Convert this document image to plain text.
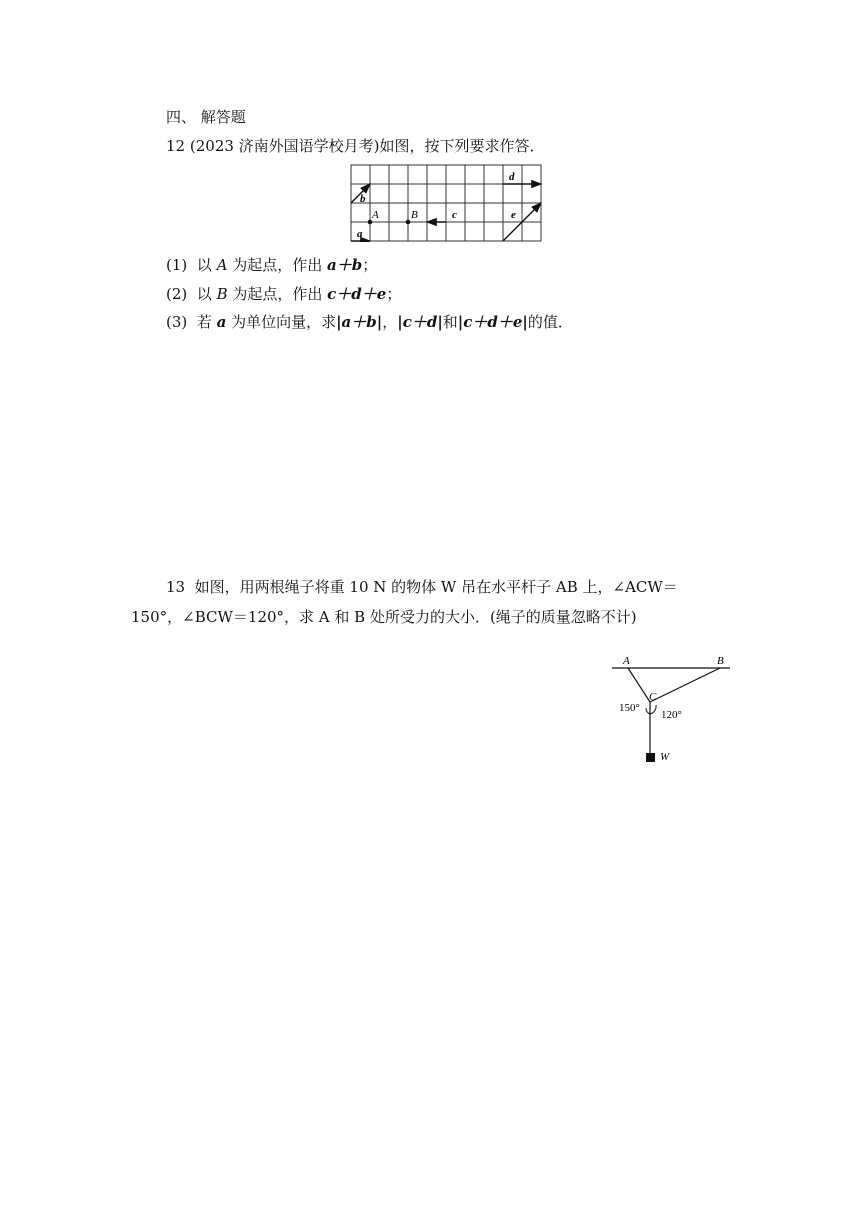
四、 解答题
12 (2023 济南外国语学校月考)如图，按下列要求作答．
b
a
A	B	c
d
e
(1) 以 A 为起点，作出 a＋b；
(2) 以 B 为起点，作出 c＋d＋e；
(3) 若 a 为单位向量，求|a＋b|，|c＋d|和|c＋d＋e|的值．
13 如图，用两根绳子将重 10 N 的物体 W 吊在水平杆子 AB 上，∠ACW＝
150°，∠BCW＝120°，求 A 和 B 处所受力的大小．(绳子的质量忽略不计)
A	B
C
W
150°
120°
